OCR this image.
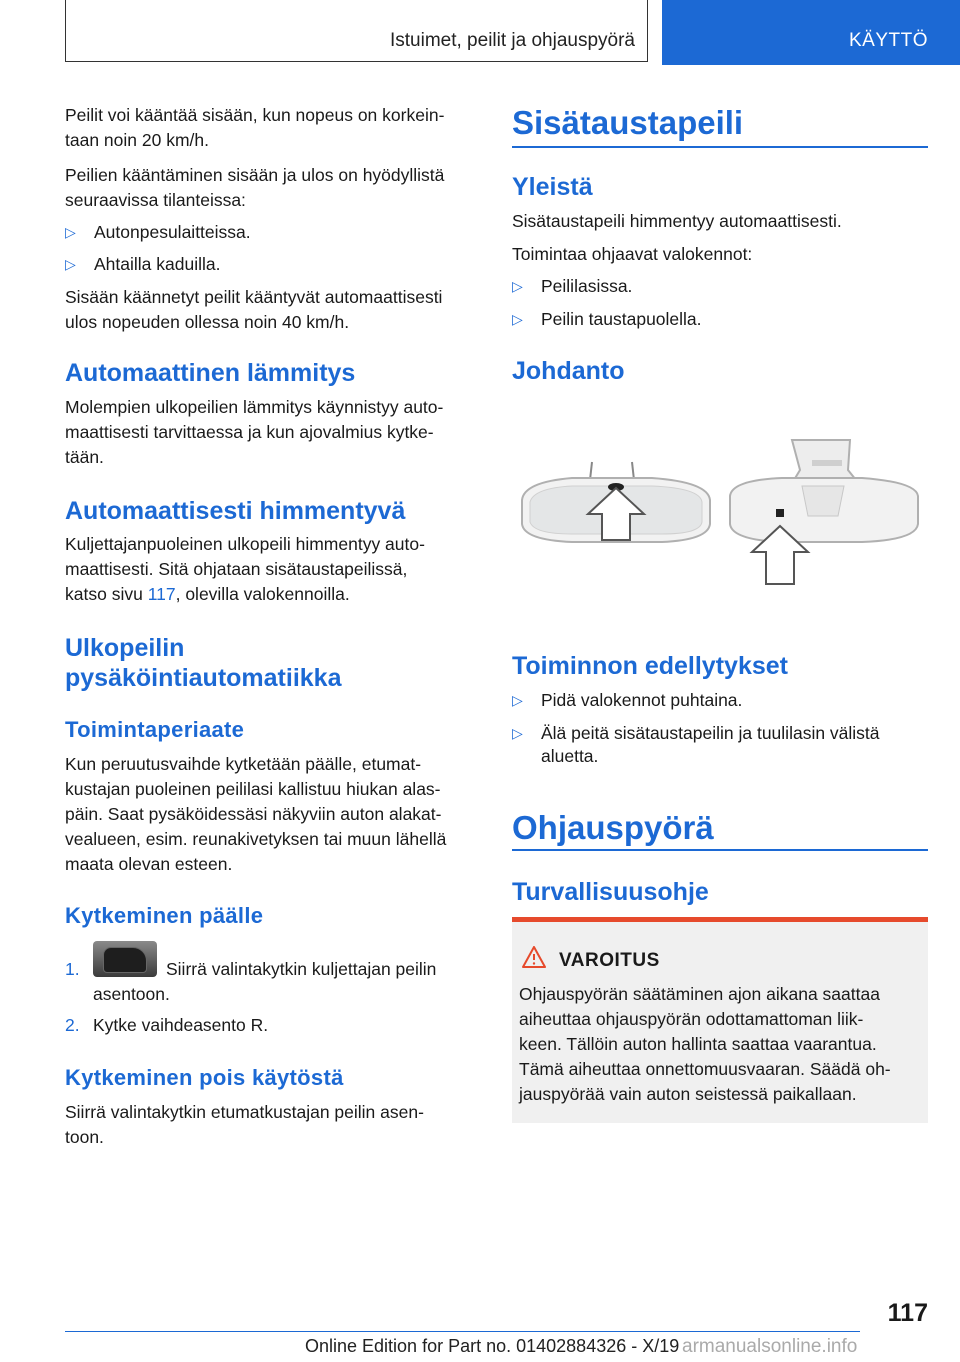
Istuimet, peilit ja ohjauspyörä	KÄYTTÖ
Peilit voi kääntää sisään, kun nopeus on korkein-
taan noin 20 km/h.
Peilien kääntäminen sisään ja ulos on hyödyllistä
seuraavissa tilanteissa:
▷ Autonpesulaitteissa.
▷ Ahtailla kaduilla.
Sisään käännetyt peilit kääntyvät automaattisesti
ulos nopeuden ollessa noin 40 km/h.
Automaattinen lämmitys
Molempien ulkopeilien lämmitys käynnistyy auto-
maattisesti tarvittaessa ja kun ajovalmius kytke-
tään.
Automaattisesti himmentyvä
Kuljettajanpuoleinen ulkopeili himmentyy auto-
maattisesti. Sitä ohjataan sisätaustapeilissä,
katso sivu 117, olevilla valokennoilla.
Ulkopeilin
pysäköintiautomatiikka
Toimintaperiaate
Kun peruutusvaihde kytketään päälle, etumat-
kustajan puoleinen peililasi kallistuu hiukan alas-
päin. Saat pysäköidessäsi näkyviin auton alakat-
vealueen, esim. reunakivetyksen tai muun lähellä
maata olevan esteen.
Kytkeminen päälle
1.	Siirrä valintakytkin kuljettajan peilin
asentoon.
2. Kytke vaihdeasento R.
Kytkeminen pois käytöstä
Siirrä valintakytkin etumatkustajan peilin asen-
toon.
Sisätaustapeili
Yleistä
Sisätaustapeili himmentyy automaattisesti.
Toimintaa ohjaavat valokennot:
▷ Peililasissa.
▷ Peilin taustapuolella.
Johdanto
Toiminnon edellytykset
▷ Pidä valokennot puhtaina.
▷ Älä peitä sisätaustapeilin ja tuulilasin välistä
aluetta.
Ohjauspyörä
Turvallisuusohje
VAROITUS
Ohjauspyörän säätäminen ajon aikana saattaa
aiheuttaa ohjauspyörän odottamattoman liik-
keen. Tällöin auton hallinta saattaa vaarantua.
Tämä aiheuttaa onnettomuusvaaran. Säädä oh-
jauspyörää vain auton seistessä paikallaan.
117
Online Edition for Part no. 01402884326 - X/19 armanualsonline.info
